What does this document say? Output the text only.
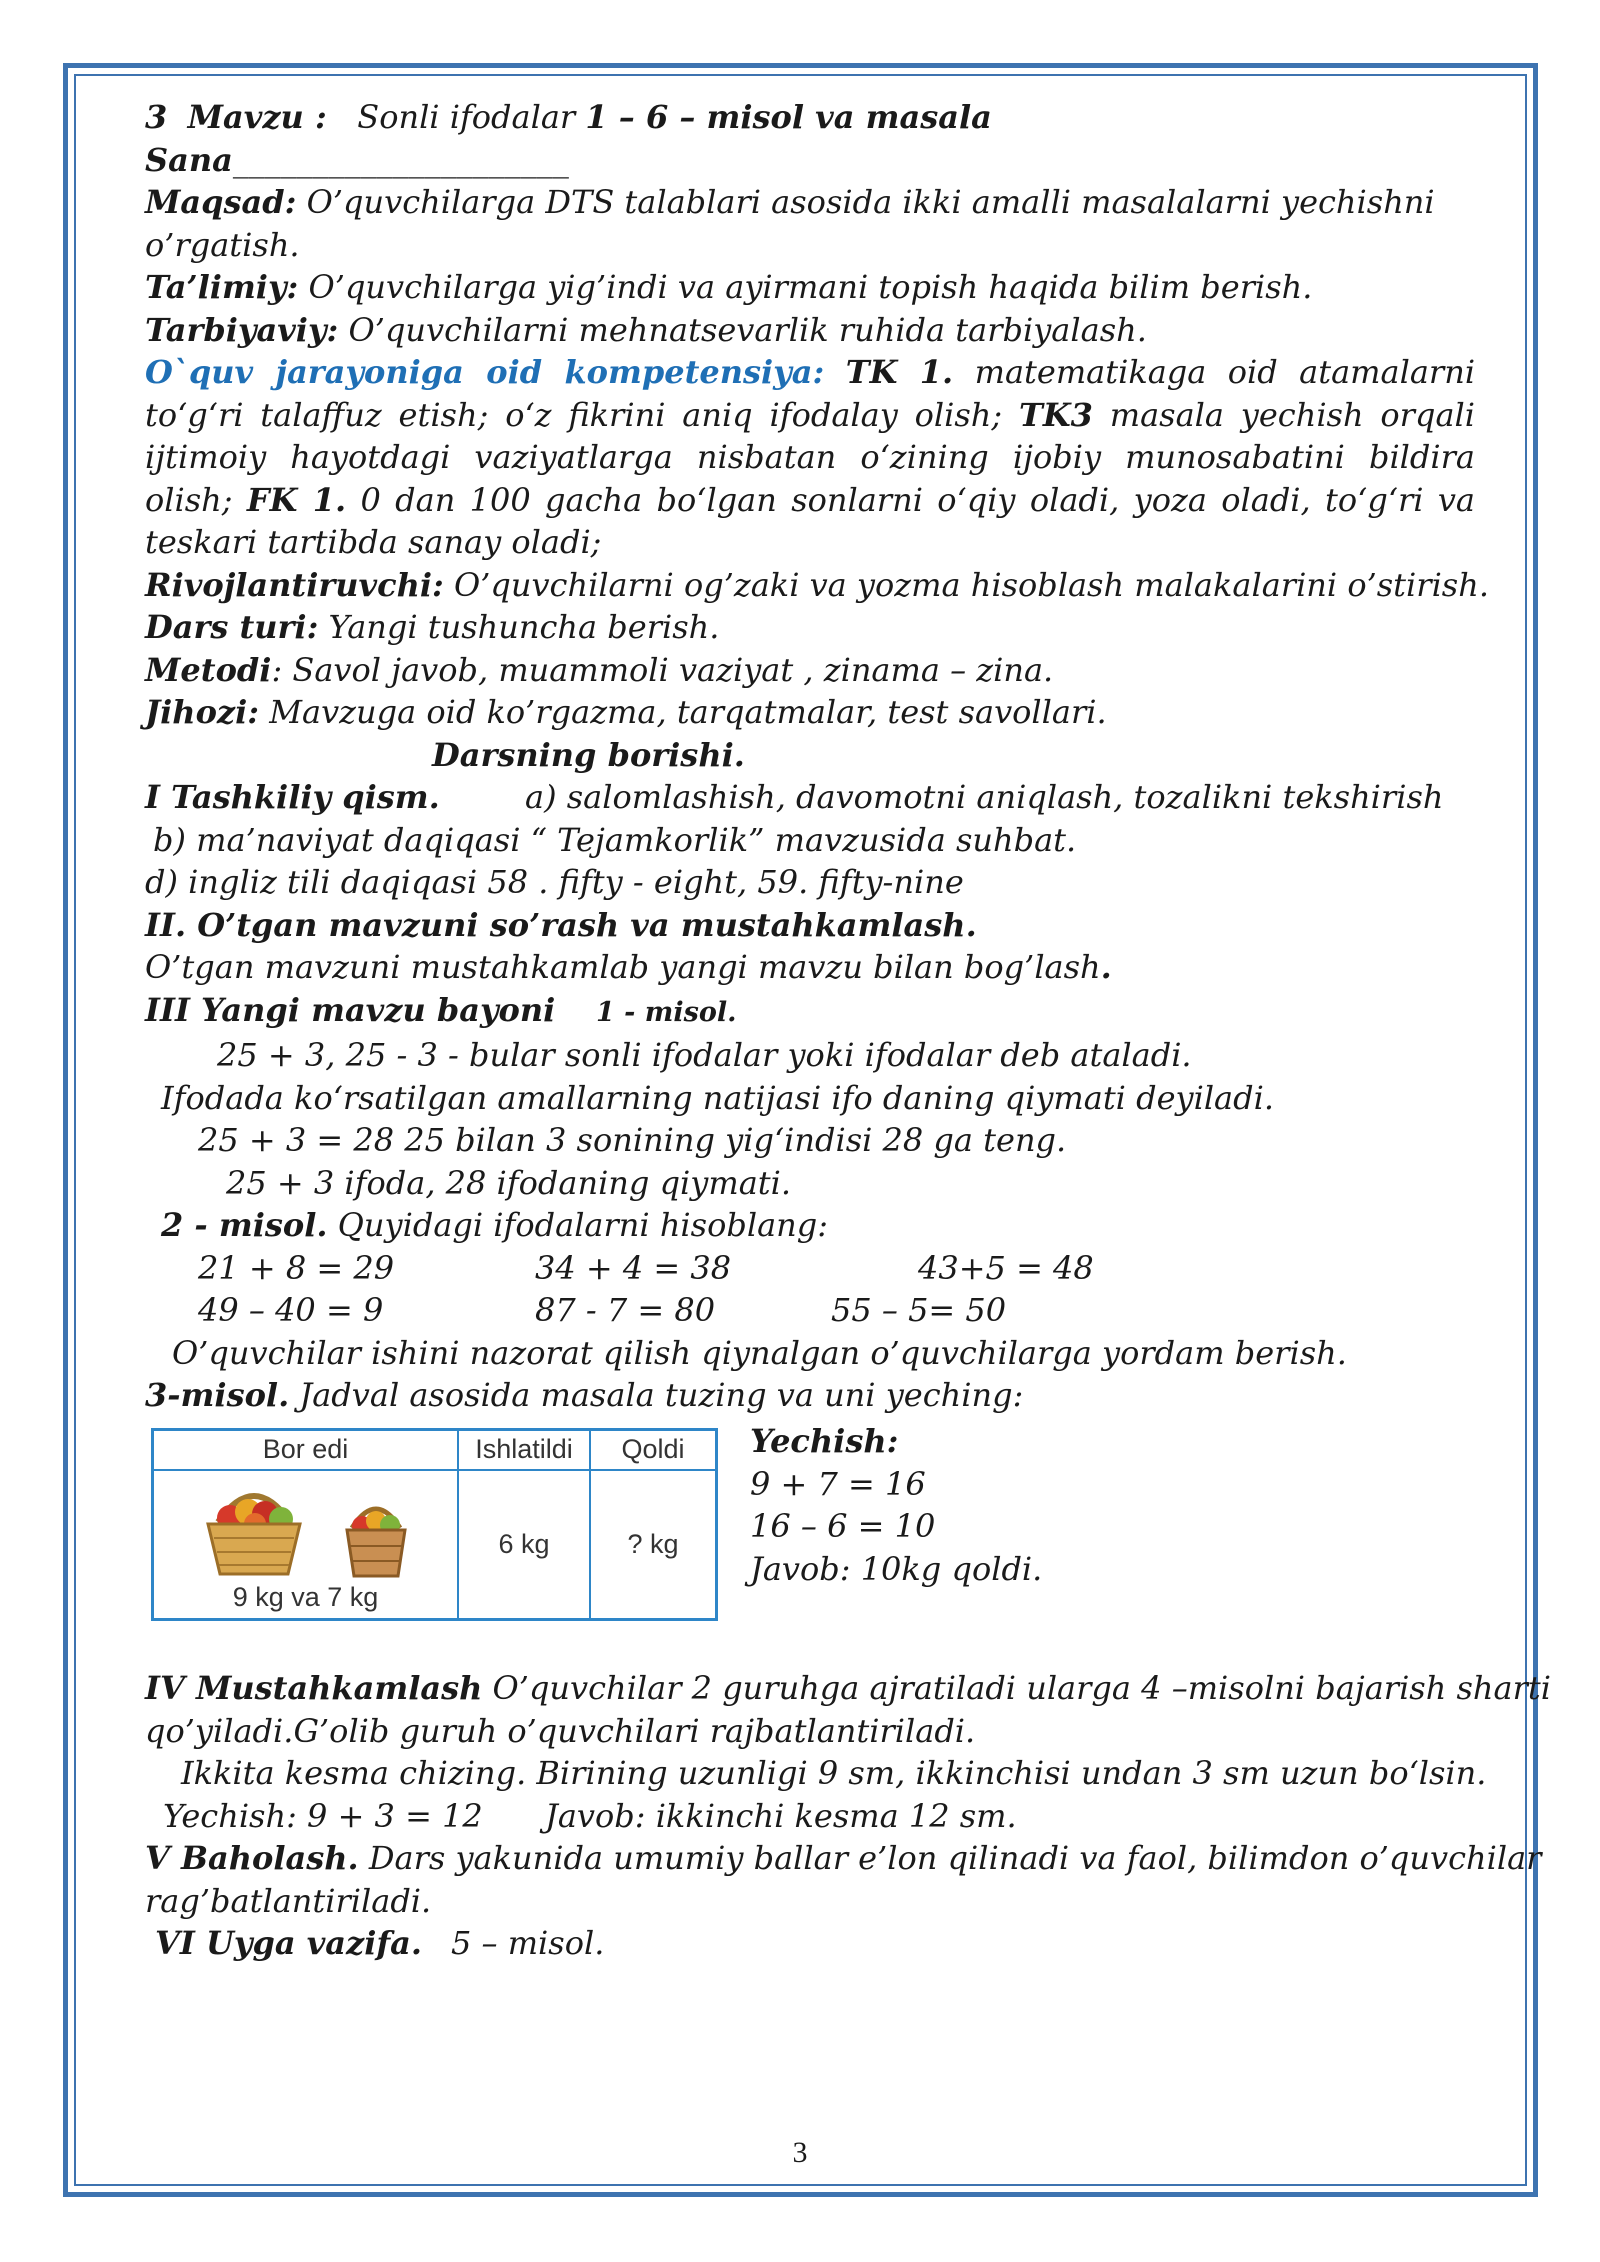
3 Mavzu : Sonli ifodalar 1 – 6 – misol va masala
Sana_____________________
Maqsad: O’quvchilarga DTS talablari asosida ikki amalli masalalarni yechishni
o’rgatish.
Ta’limiy: O’quvchilarga yig’indi va ayirmani topish haqida bilim berish.
Tarbiyaviy: O’quvchilarni mehnatsevarlik ruhida tarbiyalash.
O`quv jarayoniga oid kompetensiya: TK 1. matematikaga oid atamalarni to‘g‘ri talaffuz etish; o‘z fikrini aniq ifodalay olish; TK3 masala yechish orqali ijtimoiy hayotdagi vaziyatlarga nisbatan o‘zining ijobiy munosabatini bildira olish; FK 1. 0 dan 100 gacha bo‘lgan sonlarni o‘qiy oladi, yoza oladi, to‘g‘ri va teskari tartibda sanay oladi;
Rivojlantiruvchi: O’quvchilarni og’zaki va yozma hisoblash malakalarini o’stirish.
Dars turi: Yangi tushuncha berish.
Metodi: Savol javob, muammoli vaziyat , zinama – zina.
Jihozi: Mavzuga oid ko’rgazma, tarqatmalar, test savollari.
Darsning borishi.
I Tashkiliy qism.	a) salomlashish, davomotni aniqlash, tozalikni tekshirish
b) ma’naviyat daqiqasi “ Tejamkorlik” mavzusida suhbat.
d) ingliz tili daqiqasi 58 . fifty - eight, 59. fifty-nine
II. O’tgan mavzuni so’rash va mustahkamlash.
O’tgan mavzuni mustahkamlab yangi mavzu bilan bog’lash.
III Yangi mavzu bayoni 1 - misol.
25 + 3, 25 - 3 - bular sonli ifodalar yoki ifodalar deb ataladi.
Ifodada ko‘rsatilgan amallarning natijasi ifo daning qiymati deyiladi.
25 + 3 = 28 25 bilan 3 sonining yig‘indisi 28 ga teng.
25 + 3 ifoda, 28 ifodaning qiymati.
2 - misol. Quyidagi ifodalarni hisoblang:
21 + 8 = 29	34 + 4 = 38	43+5 = 48
49 – 40 = 9	87 - 7 = 80	55 – 5= 50
O’quvchilar ishini nazorat qilish qiynalgan o’quvchilarga yordam berish.
3-misol. Jadval asosida masala tuzing va uni yeching:
Bor edi	Ishlatildi	Qoldi

9 kg va 7 kg	6 kg	? kg
Yechish:
9 + 7 = 16
16 – 6 = 10
Javob: 10kg qoldi.
IV Mustahkamlash O’quvchilar 2 guruhga ajratiladi ularga 4 –misolni bajarish sharti
qo’yiladi.G’olib guruh o’quvchilari rajbatlantiriladi.
Ikkita kesma chizing. Birining uzunligi 9 sm, ikkinchisi undan 3 sm uzun bo‘lsin.
Yechish: 9 + 3 = 12 Javob: ikkinchi kesma 12 sm.
V Baholash. Dars yakunida umumiy ballar e’lon qilinadi va faol, bilimdon o’quvchilar
rag’batlantiriladi.
VI Uyga vazifa. 5 – misol.
3
